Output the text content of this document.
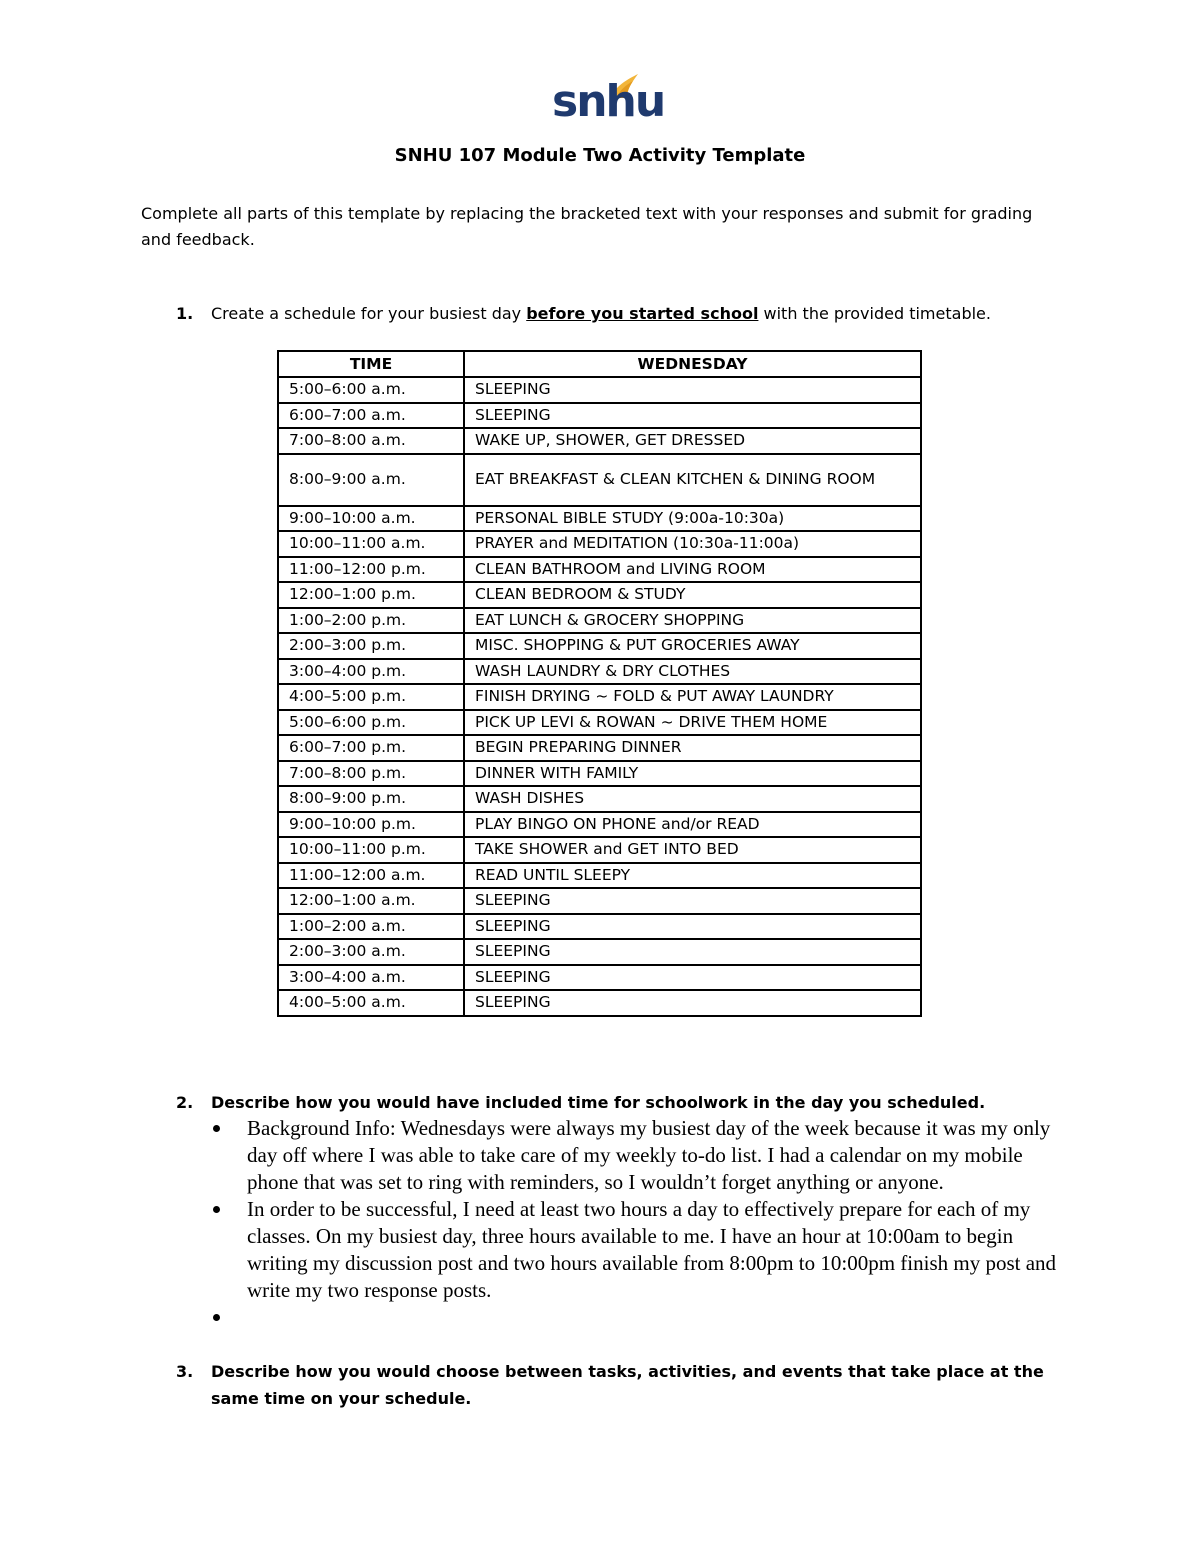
snhu
SNHU 107 Module Two Activity Template
Complete all parts of this template by replacing the bracketed text with your responses and submit for grading and feedback.
1. Create a schedule for your busiest day before you started school with the provided timetable.
TIME	WEDNESDAY
5:00–6:00 a.m.	SLEEPING
6:00–7:00 a.m.	SLEEPING
7:00–8:00 a.m.	WAKE UP, SHOWER, GET DRESSED
8:00–9:00 a.m.	EAT BREAKFAST & CLEAN KITCHEN & DINING ROOM
9:00–10:00 a.m.	PERSONAL BIBLE STUDY (9:00a-10:30a)
10:00–11:00 a.m.	PRAYER and MEDITATION (10:30a-11:00a)
11:00–12:00 p.m.	CLEAN BATHROOM and LIVING ROOM
12:00–1:00 p.m.	CLEAN BEDROOM & STUDY
1:00–2:00 p.m.	EAT LUNCH & GROCERY SHOPPING
2:00–3:00 p.m.	MISC. SHOPPING & PUT GROCERIES AWAY
3:00–4:00 p.m.	WASH LAUNDRY & DRY CLOTHES
4:00–5:00 p.m.	FINISH DRYING ~ FOLD & PUT AWAY LAUNDRY
5:00–6:00 p.m.	PICK UP LEVI & ROWAN ~ DRIVE THEM HOME
6:00–7:00 p.m.	BEGIN PREPARING DINNER
7:00–8:00 p.m.	DINNER WITH FAMILY
8:00–9:00 p.m.	WASH DISHES
9:00–10:00 p.m.	PLAY BINGO ON PHONE and/or READ
10:00–11:00 p.m.	TAKE SHOWER and GET INTO BED
11:00–12:00 a.m.	READ UNTIL SLEEPY
12:00–1:00 a.m.	SLEEPING
1:00–2:00 a.m.	SLEEPING
2:00–3:00 a.m.	SLEEPING
3:00–4:00 a.m.	SLEEPING
4:00–5:00 a.m.	SLEEPING
2. Describe how you would have included time for schoolwork in the day you scheduled.
Background Info: Wednesdays were always my busiest day of the week because it was my only day off where I was able to take care of my weekly to-do list. I had a calendar on my mobile phone that was set to ring with reminders, so I wouldn’t forget anything or anyone.
In order to be successful, I need at least two hours a day to effectively prepare for each of my classes. On my busiest day, three hours available to me. I have an hour at 10:00am to begin writing my discussion post and two hours available from 8:00pm to 10:00pm finish my post and write my two response posts.
3. Describe how you would choose between tasks, activities, and events that take place at the same time on your schedule.
